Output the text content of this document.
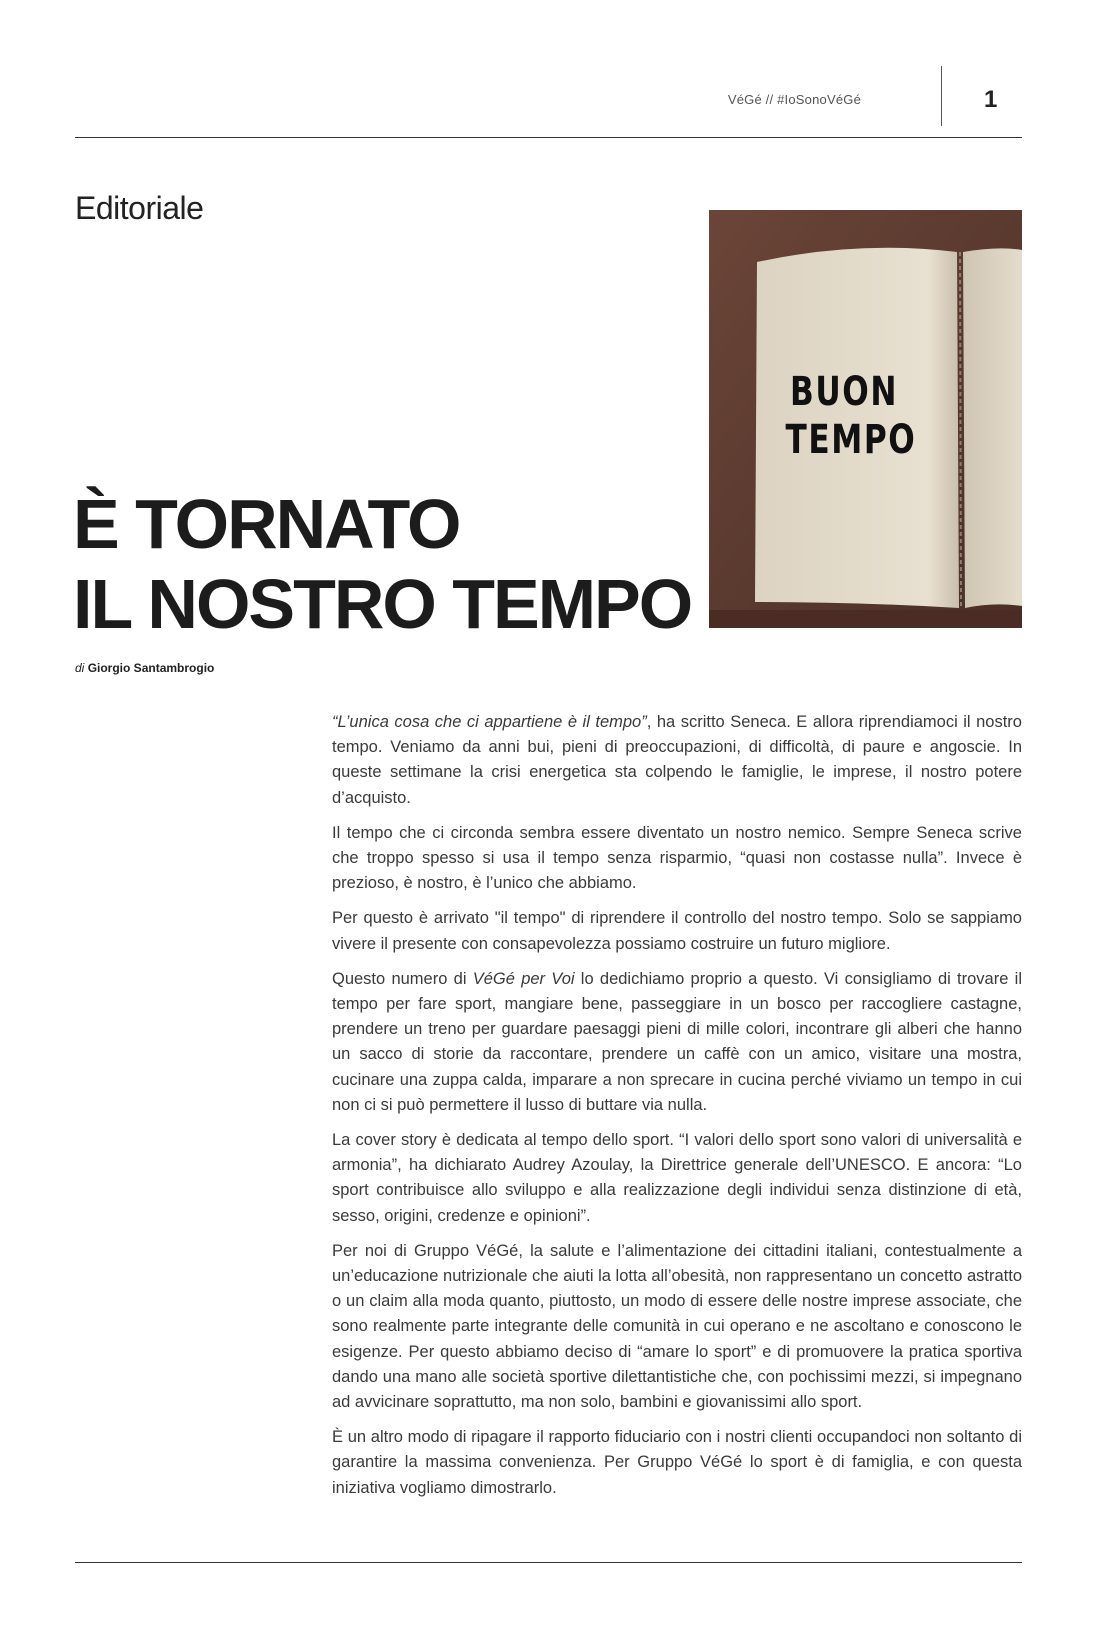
VéGé // #IoSonoVéGé	1
Editoriale
È TORNATO
IL NOSTRO TEMPO
di Giorgio Santambrogio
BUON
TEMPO

“L’unica cosa che ci appartiene è il tempo”, ha scritto Seneca. E allora riprendiamoci il nostro tempo. Veniamo da anni bui, pieni di preoccupazioni, di difficoltà, di paure e angoscie. In queste settimane la crisi energetica sta colpendo le famiglie, le imprese, il nostro potere d’acquisto.

Il tempo che ci circonda sembra essere diventato un nostro nemico. Sempre Seneca scrive che troppo spesso si usa il tempo senza risparmio, “quasi non costasse nulla”. Invece è prezioso, è nostro, è l’unico che abbiamo.

Per questo è arrivato "il tempo" di riprendere il controllo del nostro tempo. Solo se sappiamo vivere il presente con consapevolezza possiamo costruire un futuro migliore.

Questo numero di VéGé per Voi lo dedichiamo proprio a questo. Vi consigliamo di trovare il tempo per fare sport, mangiare bene, passeggiare in un bosco per raccogliere castagne, prendere un treno per guardare paesaggi pieni di mille colori, incontrare gli alberi che hanno un sacco di storie da raccontare, prendere un caffè con un amico, visitare una mostra, cucinare una zuppa calda, imparare a non sprecare in cucina perché viviamo un tempo in cui non ci si può permettere il lusso di buttare via nulla.

La cover story è dedicata al tempo dello sport. “I valori dello sport sono valori di universalità e armonia”, ha dichiarato Audrey Azoulay, la Direttrice generale dell’UNESCO. E ancora: “Lo sport contribuisce allo sviluppo e alla realizzazione degli individui senza distinzione di età, sesso, origini, credenze e opinioni”.

Per noi di Gruppo VéGé, la salute e l’alimentazione dei cittadini italiani, contestualmente a un’educazione nutrizionale che aiuti la lotta all’obesità, non rappresentano un concetto astratto o un claim alla moda quanto, piuttosto, un modo di essere delle nostre imprese associate, che sono realmente parte integrante delle comunità in cui operano e ne ascoltano e conoscono le esigenze. Per questo abbiamo deciso di “amare lo sport” e di promuovere la pratica sportiva dando una mano alle società sportive dilettantistiche che, con pochissimi mezzi, si impegnano ad avvicinare soprattutto, ma non solo, bambini e giovanissimi allo sport.

È un altro modo di ripagare il rapporto fiduciario con i nostri clienti occupandoci non soltanto di garantire la massima convenienza. Per Gruppo VéGé lo sport è di famiglia, e con questa iniziativa vogliamo dimostrarlo.
